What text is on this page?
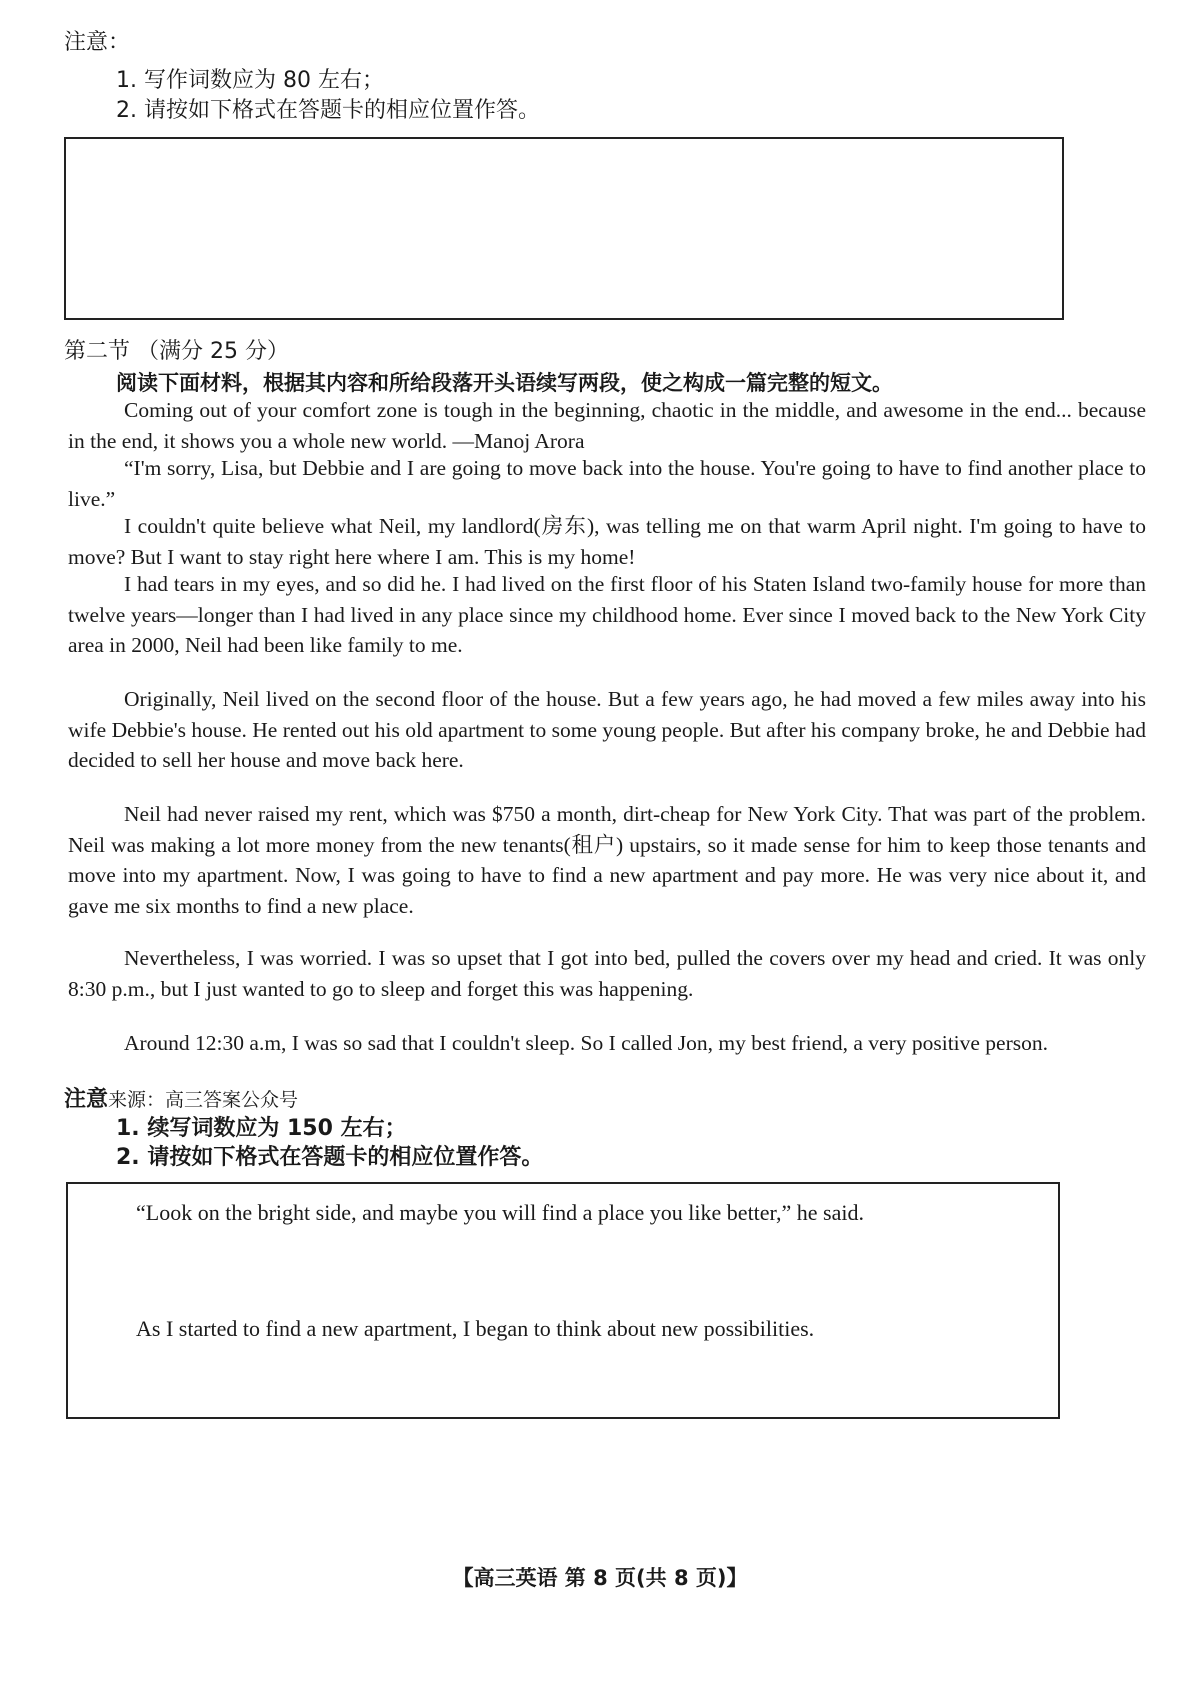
注意：
1. 写作词数应为 80 左右；
2. 请按如下格式在答题卡的相应位置作答。
第二节 （满分 25 分）
阅读下面材料，根据其内容和所给段落开头语续写两段，使之构成一篇完整的短文。
Coming out of your comfort zone is tough in the beginning, chaotic in the middle, and awesome in the end... because in the end, it shows you a whole new world. —Manoj Arora
“I'm sorry, Lisa, but Debbie and I are going to move back into the house. You're going to have to find another place to live.”
I couldn't quite believe what Neil, my landlord(房东), was telling me on that warm April night. I'm going to have to move? But I want to stay right here where I am. This is my home!
I had tears in my eyes, and so did he. I had lived on the first floor of his Staten Island two-family house for more than twelve years—longer than I had lived in any place since my childhood home. Ever since I moved back to the New York City area in 2000, Neil had been like family to me.
Originally, Neil lived on the second floor of the house. But a few years ago, he had moved a few miles away into his wife Debbie's house. He rented out his old apartment to some young people. But after his company broke, he and Debbie had decided to sell her house and move back here.
Neil had never raised my rent, which was $750 a month, dirt-cheap for New York City. That was part of the problem. Neil was making a lot more money from the new tenants(租户) upstairs, so it made sense for him to keep those tenants and move into my apartment. Now, I was going to have to find a new apartment and pay more. He was very nice about it, and gave me six months to find a new place.
Nevertheless, I was worried. I was so upset that I got into bed, pulled the covers over my head and cried. It was only 8:30 p.m., but I just wanted to go to sleep and forget this was happening.
Around 12:30 a.m, I was so sad that I couldn't sleep. So I called Jon, my best friend, a very positive person.
注意来源：高三答案公众号
1. 续写词数应为 150 左右；
2. 请按如下格式在答题卡的相应位置作答。
“Look on the bright side, and maybe you will find a place you like better,” he said.
As I started to find a new apartment, I began to think about new possibilities.
【高三英语 第 8 页(共 8 页)】
